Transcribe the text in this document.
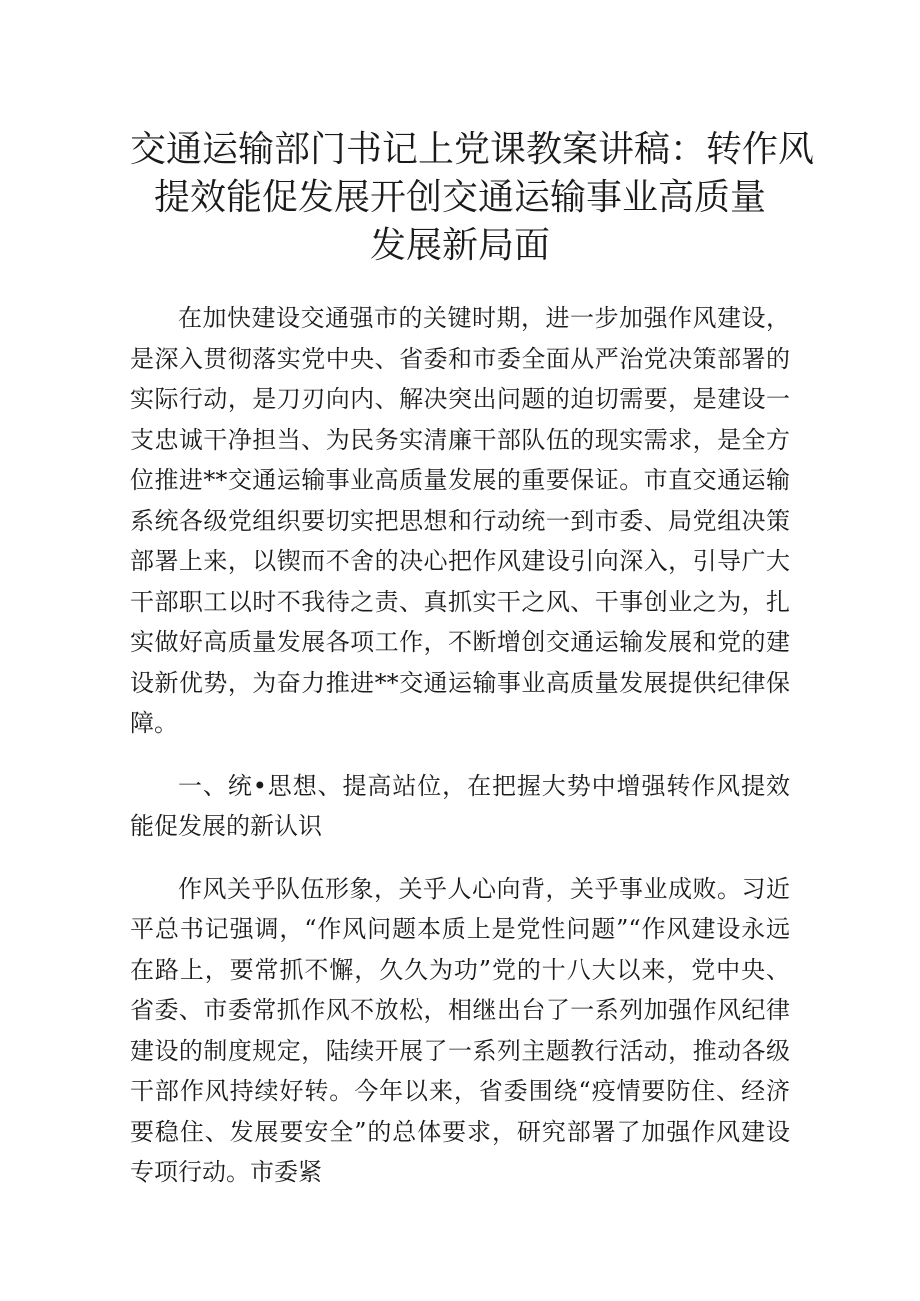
交通运输部门书记上党课教案讲稿：转作风
提效能促发展开创交通运输事业高质量
发展新局面

在加快建设交通强市的关键时期，进一步加强作风建设，是深入贯彻落实党中央、省委和市委全面从严治党决策部署的实际行动，是刀刃向内、解决突出问题的迫切需要，是建设一支忠诚干净担当、为民务实清廉干部队伍的现实需求，是全方位推进**交通运输事业高质量发展的重要保证。市直交通运输系统各级党组织要切实把思想和行动统一到市委、局党组决策部署上来，以锲而不舍的决心把作风建设引向深入，引导广大干部职工以时不我待之责、真抓实干之风、干事创业之为，扎实做好高质量发展各项工作，不断增创交通运输发展和党的建设新优势，为奋力推进**交通运输事业高质量发展提供纪律保障。

一、统•思想、提高站位，在把握大势中增强转作风提效能促发展的新认识

作风关乎队伍形象，关乎人心向背，关乎事业成败。习近平总书记强调，“作风问题本质上是党性问题”“作风建设永远在路上，要常抓不懈，久久为功”党的十八大以来，党中央、省委、市委常抓作风不放松，相继出台了一系列加强作风纪律建设的制度规定，陆续开展了一系列主题教行活动，推动各级干部作风持续好转。今年以来，省委围绕“疫情要防住、经济要稳住、发展要安全”的总体要求，研究部署了加强作风建设专项行动。市委紧
